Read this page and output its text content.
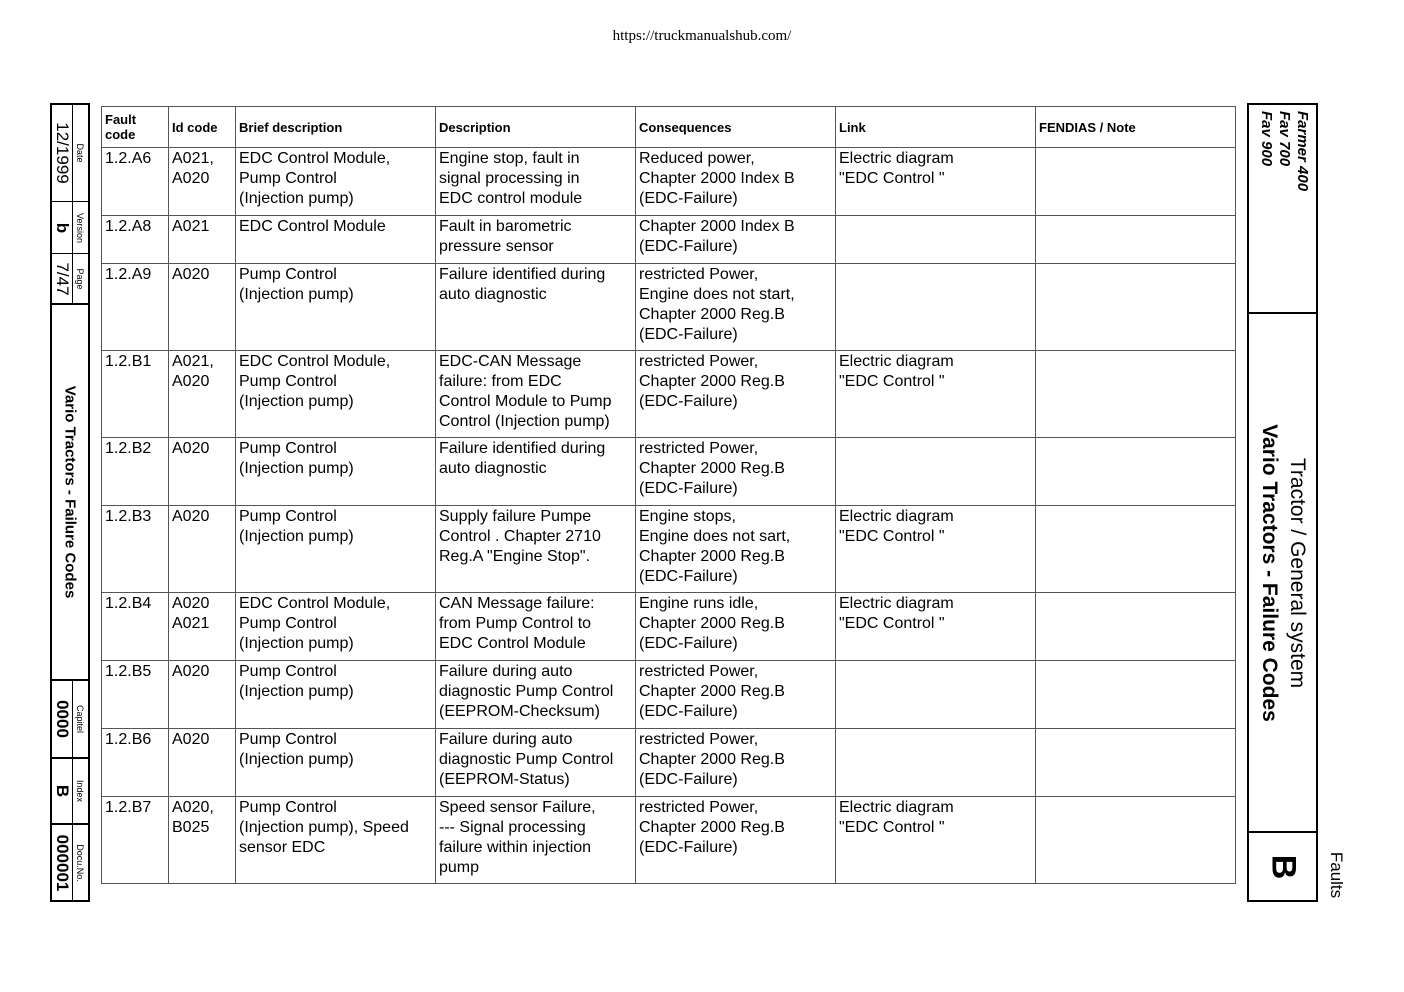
https://truckmanualshub.com/
12/1999 Date
b Version
7/47 Page
Vario Tractors - Failure Codes
0000 Capitel
B Index
000001 Docu.No.
Fault
code	Id code	Brief description	Description	Consequences	Link	FENDIAS / Note
1.2.A6	A021,
A020	EDC Control Module,
Pump Control
(Injection pump)	Engine stop, fault in
signal processing in
EDC control module	Reduced power,
Chapter 2000 Index B
(EDC-Failure)	Electric diagram
"EDC Control "	

1.2.A8	A021	EDC Control Module	Fault in barometric
pressure sensor	Chapter 2000 Index B
(EDC-Failure)		

1.2.A9	A020	Pump Control
(Injection pump)	Failure identified during
auto diagnostic	restricted Power,
Engine does not start,
Chapter 2000 Reg.B
(EDC-Failure)		

1.2.B1	A021,
A020	EDC Control Module,
Pump Control
(Injection pump)	EDC-CAN Message
failure: from EDC
Control Module to Pump
Control (Injection pump)	restricted Power,
Chapter 2000 Reg.B
(EDC-Failure)	Electric diagram
"EDC Control "	

1.2.B2	A020	Pump Control
(Injection pump)	Failure identified during
auto diagnostic	restricted Power,
Chapter 2000 Reg.B
(EDC-Failure)		

1.2.B3	A020	Pump Control
(Injection pump)	Supply failure Pumpe
Control . Chapter 2710
Reg.A "Engine Stop".	Engine stops,
Engine does not sart,
Chapter 2000 Reg.B
(EDC-Failure)	Electric diagram
"EDC Control "	

1.2.B4	A020
A021	EDC Control Module,
Pump Control
(Injection pump)	CAN Message failure:
from Pump Control to
EDC Control Module	Engine runs idle,
Chapter 2000 Reg.B
(EDC-Failure)	Electric diagram
"EDC Control "	

1.2.B5	A020	Pump Control
(Injection pump)	Failure during auto
diagnostic Pump Control
(EEPROM-Checksum)	restricted Power,
Chapter 2000 Reg.B
(EDC-Failure)		

1.2.B6	A020	Pump Control
(Injection pump)	Failure during auto
diagnostic Pump Control
(EEPROM-Status)	restricted Power,
Chapter 2000 Reg.B
(EDC-Failure)		

1.2.B7	A020,
B025	Pump Control
(Injection pump), Speed
sensor EDC	Speed sensor Failure,
--- Signal processing
failure within injection
pump	restricted Power,
Chapter 2000 Reg.B
(EDC-Failure)	Electric diagram
"EDC Control "	

Farmer 400
Fav 700
Fav 900
Tractor / General system
Vario Tractors - Failure Codes
B Faults
